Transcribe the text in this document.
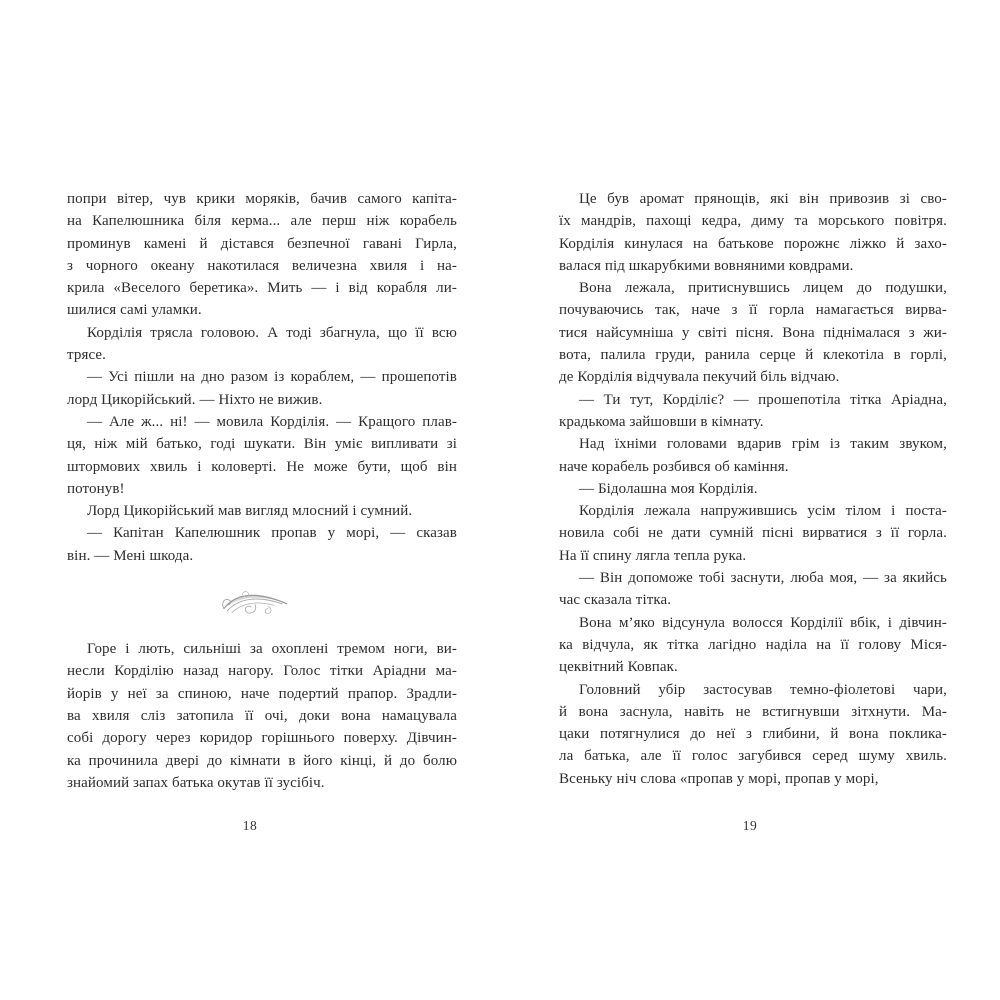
попри вітер, чув крики моряків, бачив самого капіта-
на Капелюшника біля керма... але перш ніж корабель
проминув камені й дістався безпечної гавані Гирла,
з чорного океану накотилася величезна хвиля і на-
крила «Веселого беретика». Мить — і від корабля ли-
шилися самі уламки.
Корділія трясла головою. А тоді збагнула, що її всю
трясе.
— Усі пішли на дно разом із кораблем, — прошепотів
лорд Цикорійський. — Ніхто не вижив.
— Але ж... ні! — мовила Корділія. — Кращого плав-
ця, ніж мій батько, годі шукати. Він уміє випливати зі
штормових хвиль і коловерті. Не може бути, щоб він
потонув!
Лорд Цикорійський мав вигляд млосний і сумний.
— Капітан Капелюшник пропав у морі, — сказав
він. — Мені шкода.
Горе і лють, сильніші за охоплені тремом ноги, ви-
несли Корділію назад нагору. Голос тітки Аріадни ма-
йорів у неї за спиною, наче подертий прапор. Зрадли-
ва хвиля сліз затопила її очі, доки вона намацувала
собі дорогу через коридор горішнього поверху. Дівчин-
ка прочинила двері до кімнати в його кінці, й до болю
знайомий запах батька окутав її зусібіч.
18
Це був аромат прянощів, які він привозив зі сво-
їх мандрів, пахощі кедра, диму та морського повітря.
Корділія кинулася на батькове порожнє ліжко й захо-
валася під шкарубкими вовняними ковдрами.
Вона лежала, притиснувшись лицем до подушки,
почуваючись так, наче з її горла намагається вирва-
тися найсумніша у світі пісня. Вона піднімалася з жи-
вота, палила груди, ранила серце й клекотіла в горлі,
де Корділія відчувала пекучий біль відчаю.
— Ти тут, Корділіє? — прошепотіла тітка Аріадна,
крадькома зайшовши в кімнату.
Над їхніми головами вдарив грім із таким звуком,
наче корабель розбився об каміння.
— Бідолашна моя Корділія.
Корділія лежала напружившись усім тілом і поста-
новила собі не дати сумній пісні вирватися з її горла.
На її спину лягла тепла рука.
— Він допоможе тобі заснути, люба моя, — за якийсь
час сказала тітка.
Вона м’яко відсунула волосся Корділії вбік, і дівчин-
ка відчула, як тітка лагідно наділа на її голову Міся-
цеквітний Ковпак.
Головний убір застосував темно-фіолетові чари,
й вона заснула, навіть не встигнувши зітхнути. Ма-
цаки потягнулися до неї з глибини, й вона поклика-
ла батька, але її голос загубився серед шуму хвиль.
Всеньку ніч слова «пропав у морі, пропав у морі,
19
